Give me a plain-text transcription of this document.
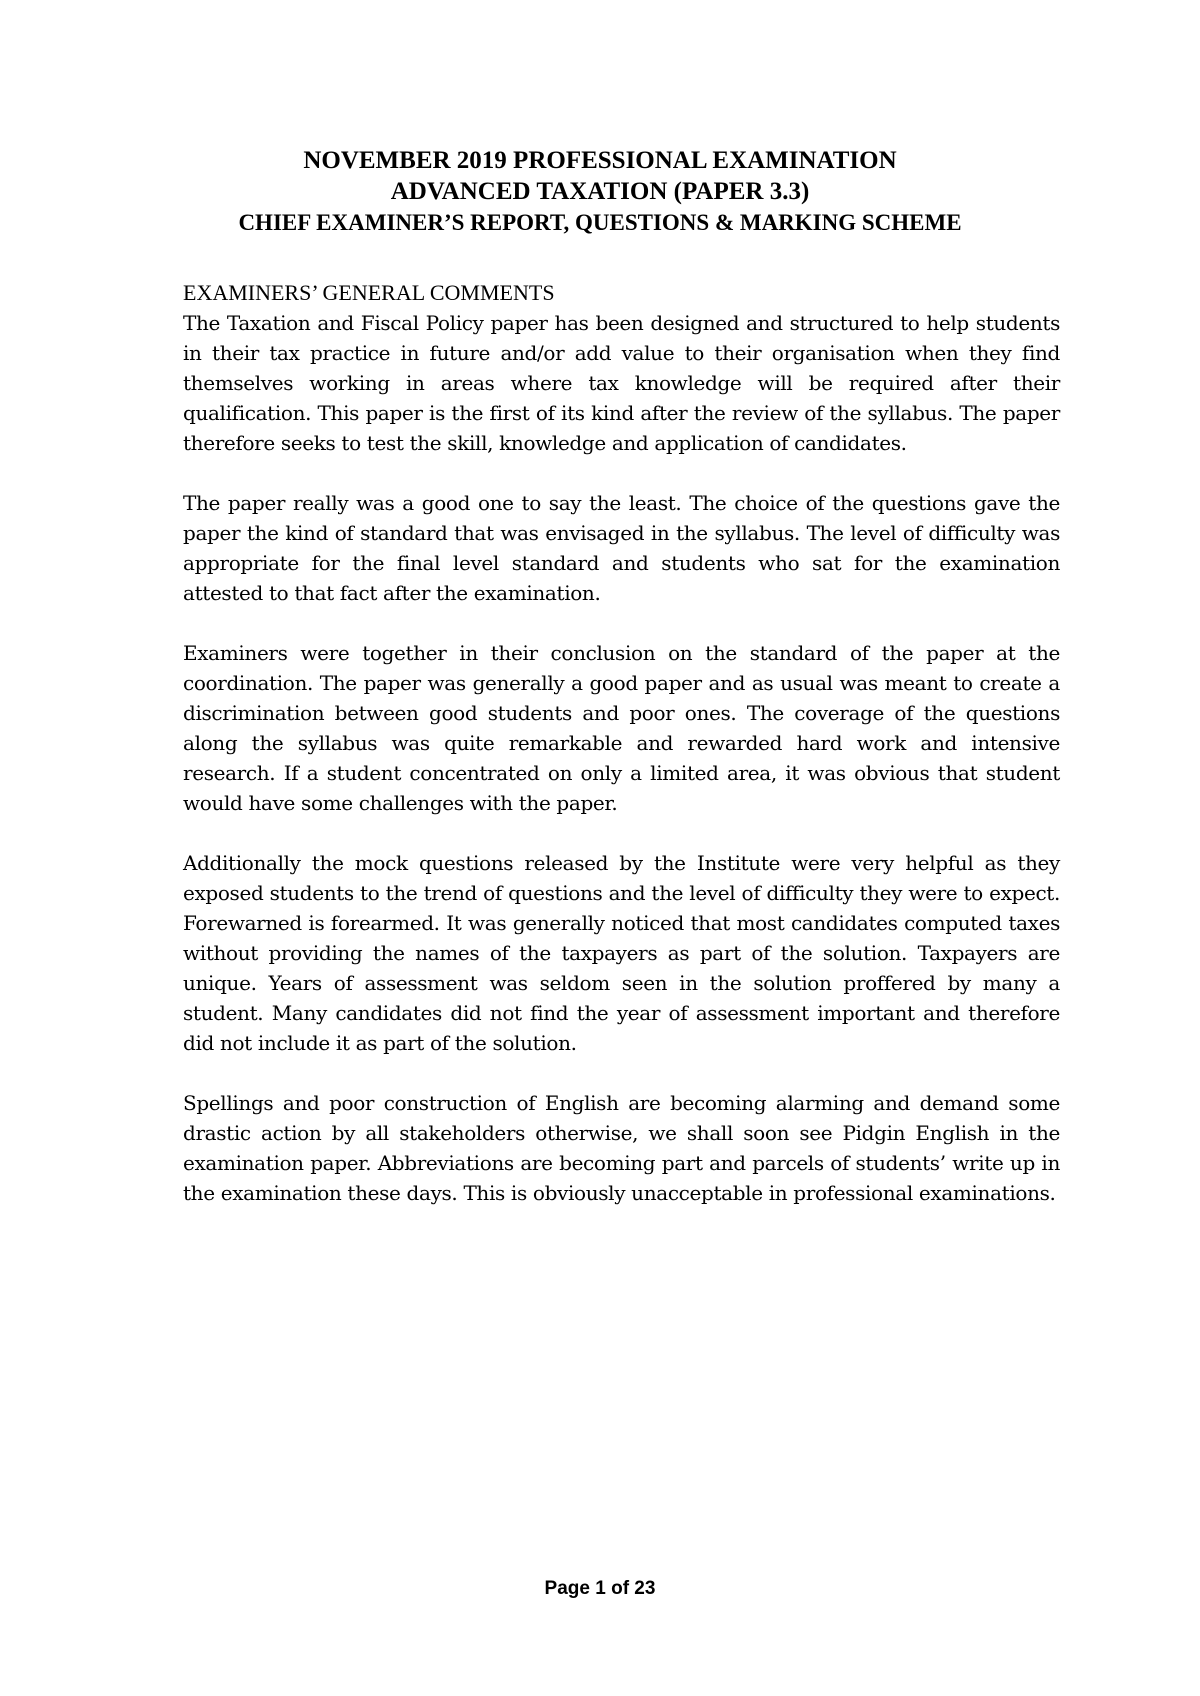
NOVEMBER 2019 PROFESSIONAL EXAMINATION
ADVANCED TAXATION (PAPER 3.3)
CHIEF EXAMINER’S REPORT, QUESTIONS & MARKING SCHEME
EXAMINERS’ GENERAL COMMENTS

The Taxation and Fiscal Policy paper has been designed and structured to help students in their tax practice in future and/or add value to their organisation when they find themselves working in areas where tax knowledge will be required after their qualification. This paper is the first of its kind after the review of the syllabus. The paper therefore seeks to test the skill, knowledge and application of candidates.

The paper really was a good one to say the least. The choice of the questions gave the paper the kind of standard that was envisaged in the syllabus. The level of difficulty was appropriate for the final level standard and students who sat for the examination attested to that fact after the examination.

Examiners were together in their conclusion on the standard of the paper at the coordination. The paper was generally a good paper and as usual was meant to create a discrimination between good students and poor ones. The coverage of the questions along the syllabus was quite remarkable and rewarded hard work and intensive research. If a student concentrated on only a limited area, it was obvious that student would have some challenges with the paper.

Additionally the mock questions released by the Institute were very helpful as they exposed students to the trend of questions and the level of difficulty they were to expect. Forewarned is forearmed. It was generally noticed that most candidates computed taxes without providing the names of the taxpayers as part of the solution. Taxpayers are unique. Years of assessment was seldom seen in the solution proffered by many a student. Many candidates did not find the year of assessment important and therefore did not include it as part of the solution.

Spellings and poor construction of English are becoming alarming and demand some drastic action by all stakeholders otherwise, we shall soon see Pidgin English in the examination paper. Abbreviations are becoming part and parcels of students’ write up in the examination these days. This is obviously unacceptable in professional examinations.

Page 1 of 23
